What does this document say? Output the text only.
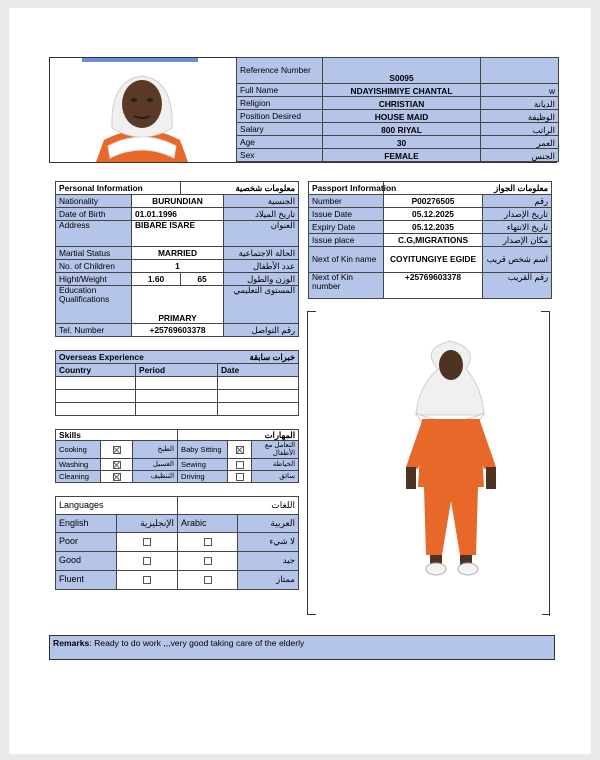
Reference Number	S0095	
Full Name	NDAYISHIMIYE CHANTAL	w
Religion	CHRISTIAN	الديانة
Position Desired	HOUSE MAID	الوظيفة
Salary	800 RIYAL	الراتب
Age	30	العمر
Sex	FEMALE	الجنس
Personal Information		معلومات شخصية	
Nationality	BURUNDIAN		الجنسية
Date of Birth	01.01.1996		تاريخ الميلاد
Address	BIBARE ISARE		العنوان
Martial Status	MARRIED		الحالة الاجتماعية
No. of Children	1		عدد الأطفال
Hight/Weight	1.60	65	الوزن والطول
Education Qualifications	PRIMARY		المستوى التعليمي
Tel. Number	+25769603378		رقم التواصل
Passport Information	معلومات الجواز	
Number	P00276505	رقم
Issue Date	05.12.2025	تاريخ الإصدار
Expiry Date	05.12.2035	تاريخ الانتهاء
Issue place	C.G,MIGRATIONS	مكان الإصدار
Next of Kin name	COYITUNGIYE EGIDE	اسم شخص قريب
Next of Kin number	+25769603378	رقم القريب
Overseas Experience		خبرات سابقة
Country	Period	Date

Skills			المهارات		
Cooking		الطبخ	Baby Sitting		التعامل مع الأطفال
Washing		الغسيل	Sewing		الخياطة
Cleaning		التنظيف	Driving		سائق
Languages		اللغات	
English	الإنجليزية	Arabic	العربية
Poor			لا شيء
Good			جيد
Fluent			ممتاز
Remarks: Ready to do work ,,,very good taking care of the elderly
